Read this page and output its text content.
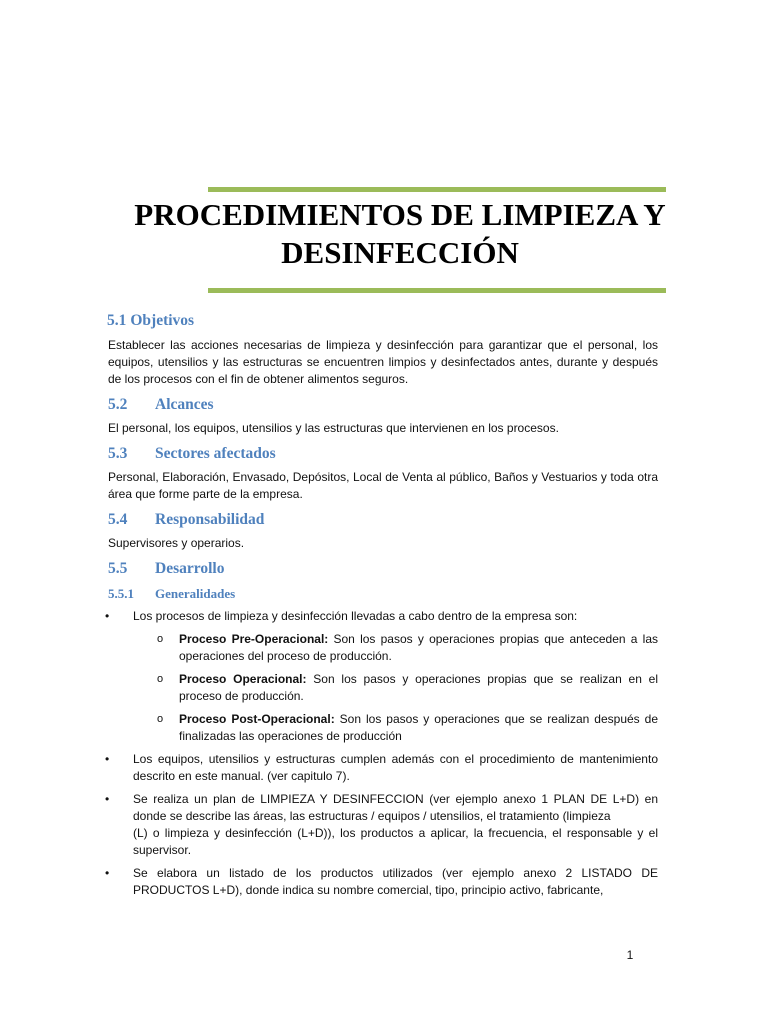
PROCEDIMIENTOS DE LIMPIEZA Y
DESINFECCIÓN
5.1 Objetivos

Establecer las acciones necesarias de limpieza y desinfección para garantizar que el personal, los equipos, utensilios y las estructuras se encuentren limpios y desinfectados antes, durante y después de los procesos con el fin de obtener alimentos seguros.

5.2	Alcances

El personal, los equipos, utensilios y las estructuras que intervienen en los procesos.

5.3	Sectores afectados

Personal, Elaboración, Envasado, Depósitos, Local de Venta al público, Baños y Vestuarios y toda otra área que forme parte de la empresa.

5.4	Responsabilidad

Supervisores y operarios.

5.5	Desarrollo
5.5.1	Generalidades
• Los procesos de limpieza y desinfección llevadas a cabo dentro de la empresa son:
o Proceso Pre-Operacional: Son los pasos y operaciones propias que anteceden a las operaciones del proceso de producción.
o Proceso Operacional: Son los pasos y operaciones propias que se realizan en el proceso de producción.
o Proceso Post-Operacional: Son los pasos y operaciones que se realizan después de finalizadas las operaciones de producción
• Los equipos, utensilios y estructuras cumplen además con el procedimiento de mantenimiento descrito en este manual. (ver capitulo 7).
• Se realiza un plan de LIMPIEZA Y DESINFECCION (ver ejemplo anexo 1 PLAN DE L+D) en donde se describe las áreas, las estructuras / equipos / utensilios, el tratamiento (limpieza
(L) o limpieza y desinfección (L+D)), los productos a aplicar, la frecuencia, el responsable y el supervisor.
• Se elabora un listado de los productos utilizados (ver ejemplo anexo 2 LISTADO DE PRODUCTOS L+D), donde indica su nombre comercial, tipo, principio activo, fabricante,
1
